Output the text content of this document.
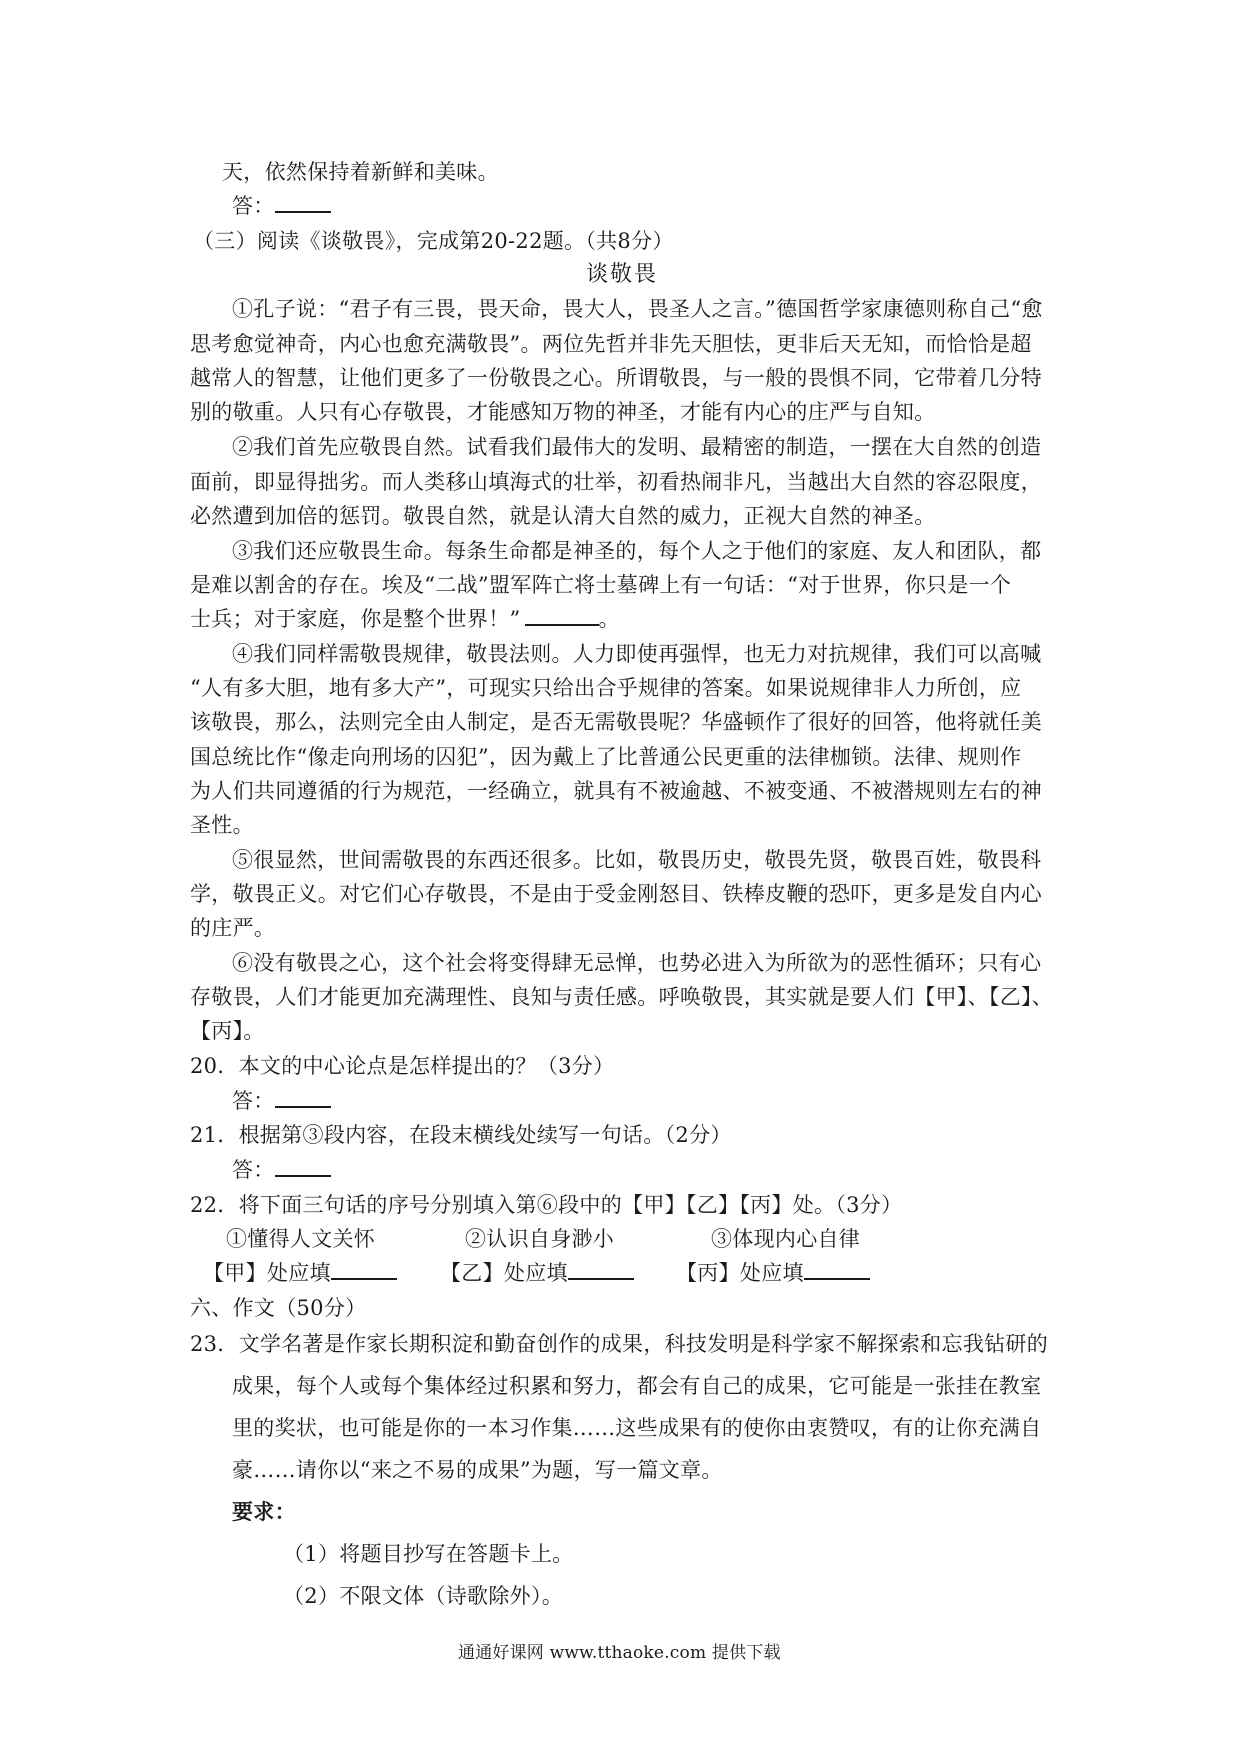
天，依然保持着新鲜和美味。
答：
（三）阅读《谈敬畏》，完成第20-22题。（共8分）
谈敬畏
①孔子说：“君子有三畏，畏天命，畏大人，畏圣人之言。”德国哲学家康德则称自己“愈
思考愈觉神奇，内心也愈充满敬畏”。两位先哲并非先天胆怯，更非后天无知，而恰恰是超
越常人的智慧，让他们更多了一份敬畏之心。所谓敬畏，与一般的畏惧不同，它带着几分特
别的敬重。人只有心存敬畏，才能感知万物的神圣，才能有内心的庄严与自知。
②我们首先应敬畏自然。试看我们最伟大的发明、最精密的制造，一摆在大自然的创造
面前，即显得拙劣。而人类移山填海式的壮举，初看热闹非凡，当越出大自然的容忍限度，
必然遭到加倍的惩罚。敬畏自然，就是认清大自然的威力，正视大自然的神圣。
③我们还应敬畏生命。每条生命都是神圣的，每个人之于他们的家庭、友人和团队，都
是难以割舍的存在。埃及“二战”盟军阵亡将士墓碑上有一句话：“对于世界，你只是一个
士兵；对于家庭，你是整个世界！”	。
④我们同样需敬畏规律，敬畏法则。人力即使再强悍，也无力对抗规律，我们可以高喊
“人有多大胆，地有多大产”，可现实只给出合乎规律的答案。如果说规律非人力所创，应
该敬畏，那么，法则完全由人制定，是否无需敬畏呢？华盛顿作了很好的回答，他将就任美
国总统比作“像走向刑场的囚犯”，因为戴上了比普通公民更重的法律枷锁。法律、规则作
为人们共同遵循的行为规范，一经确立，就具有不被逾越、不被变通、不被潜规则左右的神
圣性。
⑤很显然，世间需敬畏的东西还很多。比如，敬畏历史，敬畏先贤，敬畏百姓，敬畏科
学，敬畏正义。对它们心存敬畏，不是由于受金刚怒目、铁棒皮鞭的恐吓，更多是发自内心
的庄严。
⑥没有敬畏之心，这个社会将变得肆无忌惮，也势必进入为所欲为的恶性循环；只有心
存敬畏，人们才能更加充满理性、良知与责任感。呼唤敬畏，其实就是要人们【甲】、【乙】、
【丙】。
20．本文的中心论点是怎样提出的？（3分）
答：
21．根据第③段内容，在段末横线处续写一句话。（2分）
答：
22．将下面三句话的序号分别填入第⑥段中的【甲】【乙】【丙】处。（3分）
①懂得人文关怀	②认识自身渺小	③体现内心自律
【甲】处应填	【乙】处应填	【丙】处应填
六、作文（50分）
23．文学名著是作家长期积淀和勤奋创作的成果，科技发明是科学家不解探索和忘我钻研的
成果，每个人或每个集体经过积累和努力，都会有自己的成果，它可能是一张挂在教室
里的奖状，也可能是你的一本习作集……这些成果有的使你由衷赞叹，有的让你充满自
豪……请你以“来之不易的成果”为题，写一篇文章。
要求：
（1）将题目抄写在答题卡上。
（2）不限文体（诗歌除外）。
通通好课网 www.tthaoke.com 提供下载
